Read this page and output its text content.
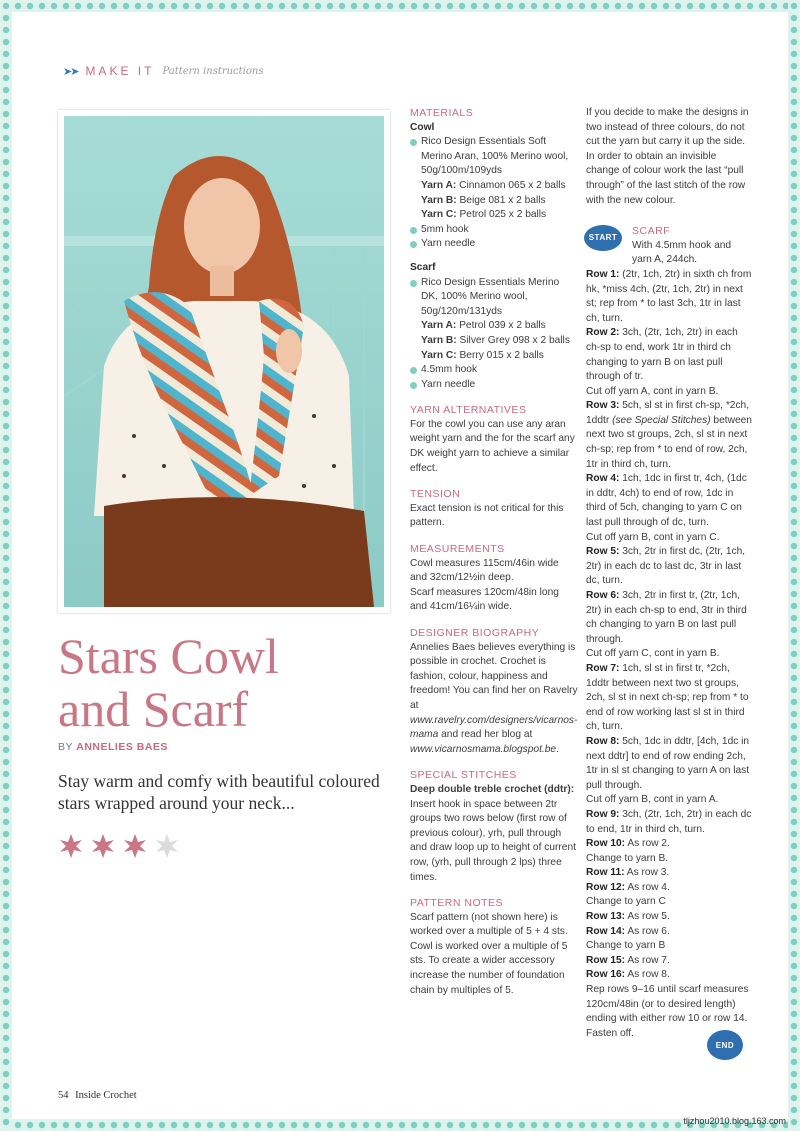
➤➤ MAKE IT Pattern instructions
Stars Cowl
and Scarf
BY ANNELIES BAES
Stay warm and comfy with beautiful coloured stars wrapped around your neck...
MATERIALS
Cowl
Rico Design Essentials Soft Merino Aran, 100% Merino wool, 50g/100m/109yds
Yarn A: Cinnamon 065 x 2 balls
Yarn B: Beige 081 x 2 balls
Yarn C: Petrol 025 x 2 balls
5mm hook
Yarn needle
Scarf
Rico Design Essentials Merino DK, 100% Merino wool, 50g/120m/131yds
Yarn A: Petrol 039 x 2 balls
Yarn B: Silver Grey 098 x 2 balls
Yarn C: Berry 015 x 2 balls
4.5mm hook
Yarn needle
YARN ALTERNATIVES

For the cowl you can use any aran weight yarn and the for the scarf any DK weight yarn to achieve a similar effect.

TENSION

Exact tension is not critical for this pattern.

MEASUREMENTS

Cowl measures 115cm/46in wide and 32cm/12½in deep.

Scarf measures 120cm/48in long and 41cm/16¼in wide.

DESIGNER BIOGRAPHY

Annelies Baes believes everything is possible in crochet. Crochet is fashion, colour, happiness and freedom! You can find her on Ravelry at www.ravelry.com/designers/vicarnos-mama and read her blog at www.vicarnosmama.blogspot.be.

SPECIAL STITCHES

Deep double treble crochet (ddtr): Insert hook in space between 2tr groups two rows below (first row of previous colour), yrh, pull through and draw loop up to height of current row, (yrh, pull through 2 lps) three times.

PATTERN NOTES

Scarf pattern (not shown here) is worked over a multiple of 5 + 4 sts. Cowl is worked over a multiple of 5 sts. To create a wider accessory increase the number of foundation chain by multiples of 5.

If you decide to make the designs in two instead of three colours, do not cut the yarn but carry it up the side. In order to obtain an invisible change of colour work the last “pull through” of the last stitch of the row with the new colour.

START
SCARF
With 4.5mm hook and yarn A, 244ch.
Row 1: (2tr, 1ch, 2tr) in sixth ch from hk, *miss 4ch, (2tr, 1ch, 2tr) in next st; rep from * to last 3ch, 1tr in last ch, turn.
Row 2: 3ch, (2tr, 1ch, 2tr) in each ch-sp to end, work 1tr in third ch changing to yarn B on last pull through of tr.
Cut off yarn A, cont in yarn B.
Row 3: 5ch, sl st in first ch-sp, *2ch, 1ddtr (see Special Stitches) between next two st groups, 2ch, sl st in next ch-sp; rep from * to end of row, 2ch, 1tr in third ch, turn.
Row 4: 1ch, 1dc in first tr, 4ch, (1dc in ddtr, 4ch) to end of row, 1dc in third of 5ch, changing to yarn C on last pull through of dc, turn.
Cut off yarn B, cont in yarn C.
Row 5: 3ch, 2tr in first dc, (2tr, 1ch, 2tr) in each dc to last dc, 3tr in last dc, turn.
Row 6: 3ch, 2tr in first tr, (2tr, 1ch, 2tr) in each ch-sp to end, 3tr in third ch changing to yarn B on last pull through.
Cut off yarn C, cont in yarn B.
Row 7: 1ch, sl st in first tr, *2ch, 1ddtr between next two st groups, 2ch, sl st in next ch-sp; rep from * to end of row working last sl st in third ch, turn.
Row 8: 5ch, 1dc in ddtr, [4ch, 1dc in next ddtr] to end of row ending 2ch, 1tr in sl st changing to yarn A on last pull through.
Cut off yarn B, cont in yarn A.
Row 9: 3ch, (2tr, 1ch, 2tr) in each dc to end, 1tr in third ch, turn.
Row 10: As row 2.
Change to yarn B.
Row 11: As row 3.
Row 12: As row 4.
Change to yarn C
Row 13: As row 5.
Row 14: As row 6.
Change to yarn B
Row 15: As row 7.
Row 16: As row 8.
Rep rows 9–16 until scarf measures 120cm/48in (or to desired length) ending with either row 10 or row 14.
Fasten off.
END
54 Inside Crochet
tljzhou2010.blog.163.com
